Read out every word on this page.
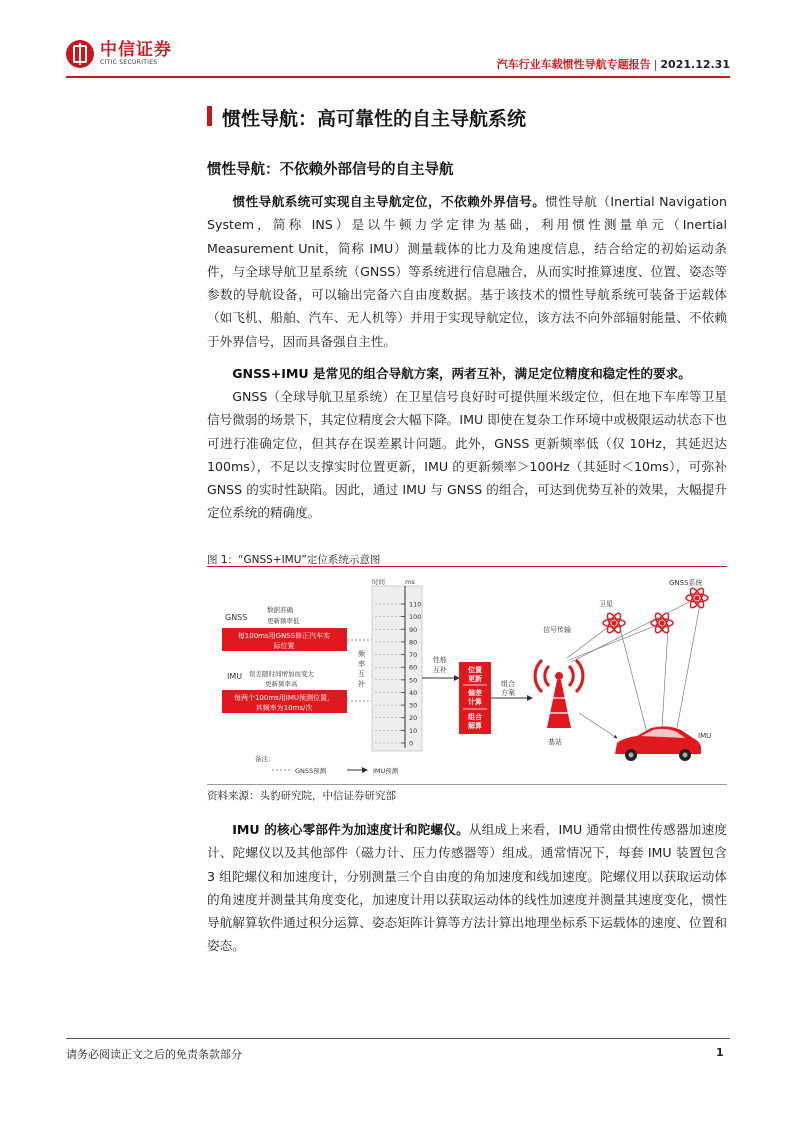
中信证券
CITIC SECURITIES	汽车行业车载惯性导航专题报告 | 2021.12.31
惯性导航：高可靠性的自主导航系统
惯性导航：不依赖外部信号的自主导航
  惯性导航系统可实现自主导航定位，不依赖外界信号。惯性导航（Inertial Navigation System，简称 INS）是以牛顿力学定律为基础，利用惯性测量单元（Inertial Measurement Unit，简称 IMU）测量载体的比力及角速度信息，结合给定的初始运动条件，与全球导航卫星系统（GNSS）等系统进行信息融合，从而实时推算速度、位置、姿态等参数的导航设备，可以输出完备六自由度数据。基于该技术的惯性导航系统可装备于运载体（如飞机、船舶、汽车、无人机等）并用于实现导航定位，该方法不向外部辐射能量、不依赖于外界信号，因而具备强自主性。
  GNSS+IMU 是常见的组合导航方案，两者互补，满足定位精度和稳定性的要求。
  GNSS（全球导航卫星系统）在卫星信号良好时可提供厘米级定位，但在地下车库等卫星信号微弱的场景下，其定位精度会大幅下降。IMU 即使在复杂工作环境中或极限运动状态下也可进行准确定位，但其存在误差累计问题。此外，GNSS 更新频率低（仅 10Hz，其延迟达 100ms），不足以支撑实时位置更新，IMU 的更新频率＞100Hz（其延时＜10ms），可弥补 GNSS 的实时性缺陷。因此，通过 IMU 与 GNSS 的组合，可达到优势互补的效果，大幅提升定位系统的精确度。
图 1：“GNSS+IMU”定位系统示意图
GNSS
数据准确
更新频率低
每100ms用GNSS修正汽车实
际位置
IMU 误差随时间增加而变大
更新频率高
每两个100ms用IMU预测位置，
其频率为10ms/次
频
率
互
补
时间	ms
110
100
90
80
70
60
50
40
30
20
10
0
性能
互补	位置
更新
偏差
计算
组合
解算
组合
方案
基站
信号传输
卫星
GNSS系统
IMU
备注：
GNSS预测	IMU预测
资料来源：头豹研究院，中信证券研究部
  IMU 的核心零部件为加速度计和陀螺仪。从组成上来看，IMU 通常由惯性传感器加速度计、陀螺仪以及其他部件（磁力计、压力传感器等）组成。通常情况下，每套 IMU 装置包含 3 组陀螺仪和加速度计，分别测量三个自由度的角加速度和线加速度。陀螺仪用以获取运动体的角速度并测量其角度变化，加速度计用以获取运动体的线性加速度并测量其速度变化，惯性导航解算软件通过积分运算、姿态矩阵计算等方法计算出地理坐标系下运载体的速度、位置和姿态。
请务必阅读正文之后的免责条款部分	1
